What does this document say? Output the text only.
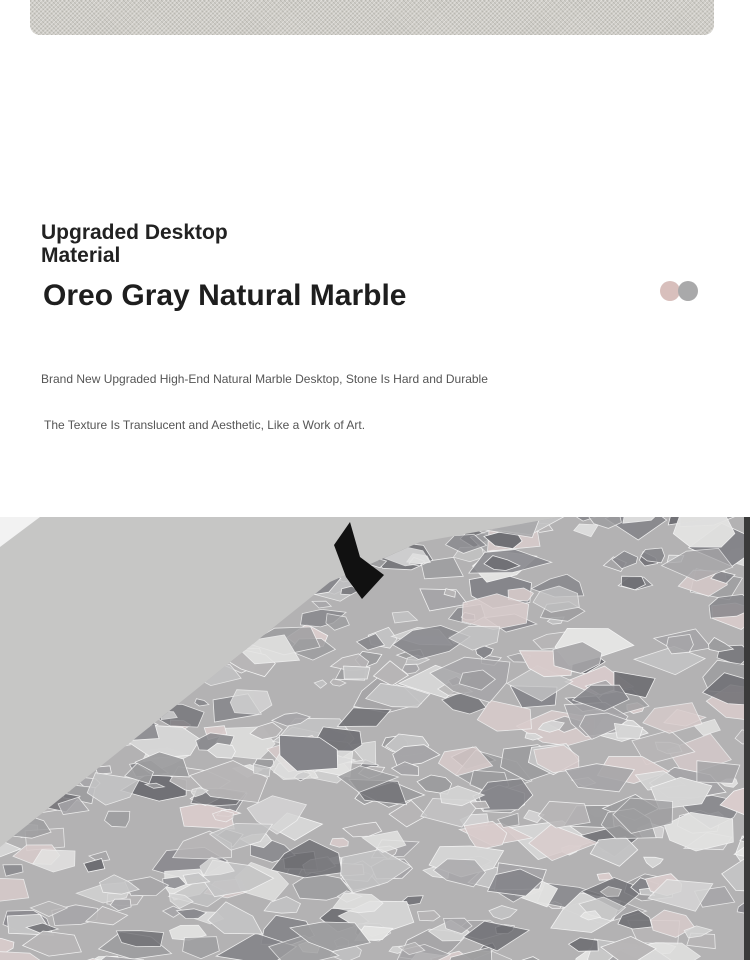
Upgraded Desktop Material
Oreo Gray Natural Marble

Brand New Upgraded High-End Natural Marble Desktop, Stone Is Hard and Durable

The Texture Is Translucent and Aesthetic, Like a Work of Art.
